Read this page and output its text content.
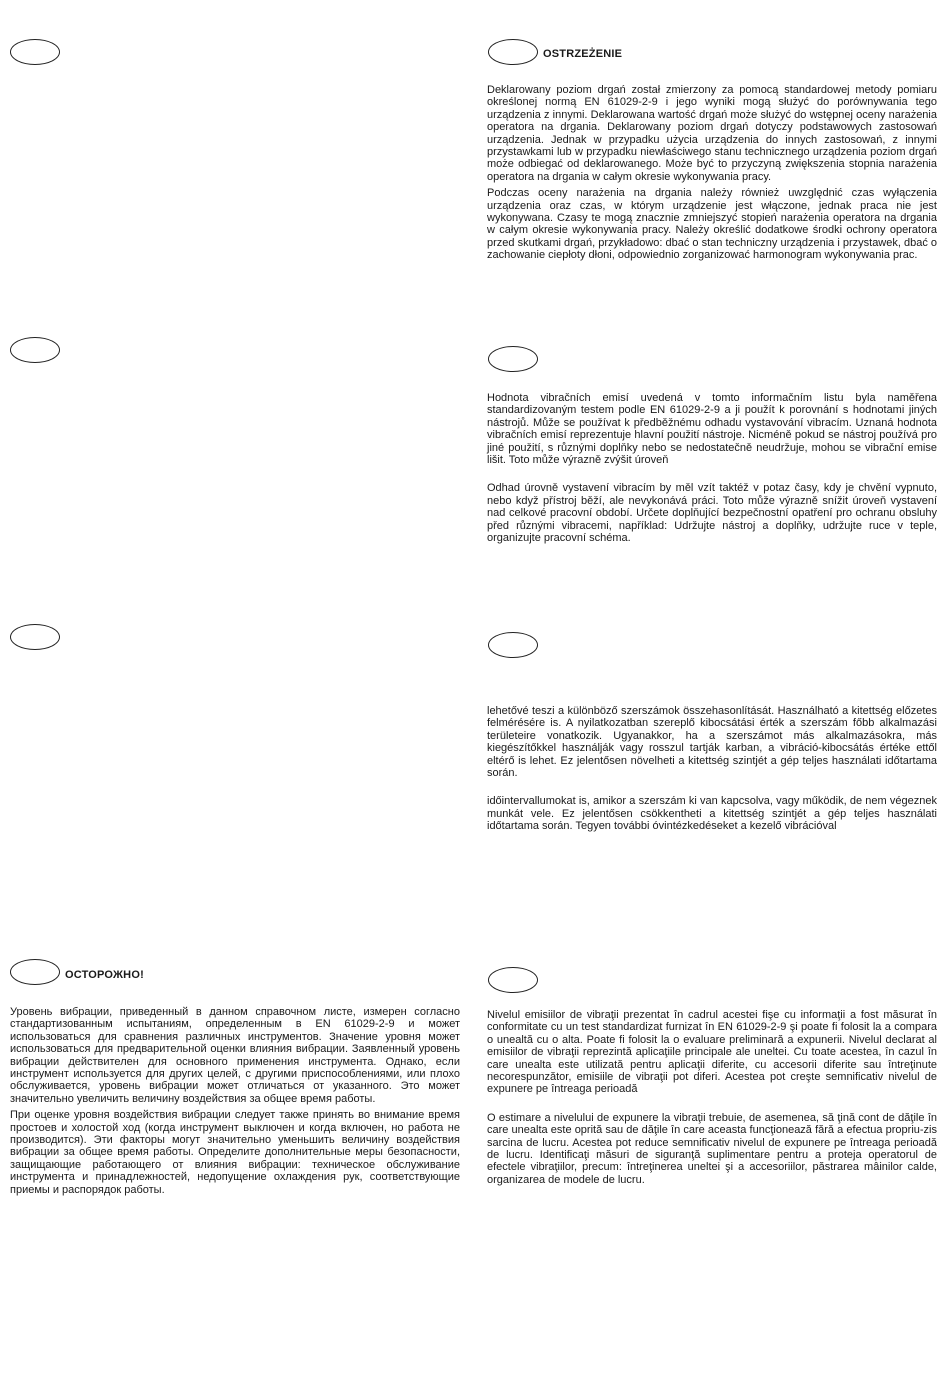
OSTRZEŻENIE

Deklarowany poziom drgań został zmierzony za pomocą standardowej metody pomiaru określonej normą EN 61029-2-9 i jego wyniki mogą służyć do porównywania tego urządzenia z innymi. Deklarowana wartość drgań może służyć do wstępnej oceny narażenia operatora na drgania. Deklarowany poziom drgań dotyczy podstawowych zastosowań urządzenia. Jednak w przypadku użycia urządzenia do innych zastosowań, z innymi przystawkami lub w przypadku niewłaściwego stanu technicznego urządzenia poziom drgań może odbiegać od deklarowanego. Może być to przyczyną zwiększenia stopnia narażenia operatora na drgania w całym okresie wykonywania pracy.

Podczas oceny narażenia na drgania należy również uwzględnić czas wyłączenia urządzenia oraz czas, w którym urządzenie jest włączone, jednak praca nie jest wykonywana. Czasy te mogą znacznie zmniejszyć stopień narażenia operatora na drgania w całym okresie wykonywania pracy. Należy określić dodatkowe środki ochrony operatora przed skutkami drgań, przykładowo: dbać o stan techniczny urządzenia i przystawek, dbać o zachowanie ciepłoty dłoni, odpowiednio zorganizować harmonogram wykonywania prac.

Hodnota vibračních emisí uvedená v tomto informačním listu byla naměřena standardizovaným testem podle EN 61029-2-9 a ji použít k porovnání s hodnotami jiných nástrojů. Může se používat k předběžnému odhadu vystavování vibracím. Uznaná hodnota vibračních emisí reprezentuje hlavní použití nástroje. Nicméně pokud se nástroj používá pro jiné použití, s různými doplňky nebo se nedostatečně neudržuje, mohou se vibrační emise lišit. Toto může výrazně zvýšit úroveň

Odhad úrovně vystavení vibracím by měl vzít taktéž v potaz časy, kdy je chvění vypnuto, nebo když přístroj běží, ale nevykonává práci. Toto může výrazně snížit úroveň vystavení nad celkové pracovní období. Určete doplňující bezpečnostní opatření pro ochranu obsluhy před různými vibracemi, například: Udržujte nástroj a doplňky, udržujte ruce v teple, organizujte pracovní schéma.

lehetővé teszi a különböző szerszámok összehasonlítását. Használható a kitettség előzetes felmérésére is. A nyilatkozatban szereplő kibocsátási érték a szerszám főbb alkalmazási területeire vonatkozik. Ugyanakkor, ha a szerszámot más alkalmazásokra, más kiegészítőkkel használják vagy rosszul tartják karban, a vibráció-kibocsátás értéke ettől eltérő is lehet. Ez jelentősen növelheti a kitettség szintjét a gép teljes használati időtartama során.

időintervallumokat is, amikor a szerszám ki van kapcsolva, vagy működik, de nem végeznek munkát vele. Ez jelentősen csökkentheti a kitettség szintjét a gép teljes használati időtartama során. Tegyen további óvintézkedéseket a kezelő vibrációval

ОСТОРОЖНО!

Уровень вибрации, приведенный в данном справочном листе, измерен согласно стандартизованным испытаниям, определенным в EN 61029-2-9 и может использоваться для сравнения различных инструментов. Значение уровня может использоваться для предварительной оценки влияния вибрации. Заявленный уровень вибрации действителен для основного применения инструмента. Однако, если инструмент используется для других целей, с другими приспособлениями, или плохо обслуживается, уровень вибрации может отличаться от указанного. Это может значительно увеличить величину воздействия за общее время работы.

При оценке уровня воздействия вибрации следует также принять во внимание время простоев и холостой ход (когда инструмент выключен и когда включен, но работа не производится). Эти факторы могут значительно уменьшить величину воздействия вибрации за общее время работы. Определите дополнительные меры безопасности, защищающие работающего от влияния вибрации: техническое обслуживание инструмента и принадлежностей, недопущение охлаждения рук, соответствующие приемы и распорядок работы.

Nivelul emisiilor de vibraţii prezentat în cadrul acestei fişe cu informaţii a fost măsurat în conformitate cu un test standardizat furnizat în EN 61029-2-9 şi poate fi folosit la a compara o unealtă cu o alta. Poate fi folosit la o evaluare preliminară a expunerii. Nivelul declarat al emisiilor de vibraţii reprezintă aplicaţiile principale ale uneltei. Cu toate acestea, în cazul în care unealta este utilizată pentru aplicaţii diferite, cu accesorii diferite sau întreţinute necorespunzător, emisiile de vibraţii pot diferi. Acestea pot creşte semnificativ nivelul de expunere pe întreaga perioadă

O estimare a nivelului de expunere la vibraţii trebuie, de asemenea, să ţină cont de dăţile în care unealta este oprită sau de dăţile în care aceasta funcţionează fără a efectua propriu-zis sarcina de lucru. Acestea pot reduce semnificativ nivelul de expunere pe întreaga perioadă de lucru. Identificaţi măsuri de siguranţă suplimentare pentru a proteja operatorul de efectele vibraţiilor, precum: întreţinerea uneltei şi a accesoriilor, păstrarea mâinilor calde, organizarea de modele de lucru.
